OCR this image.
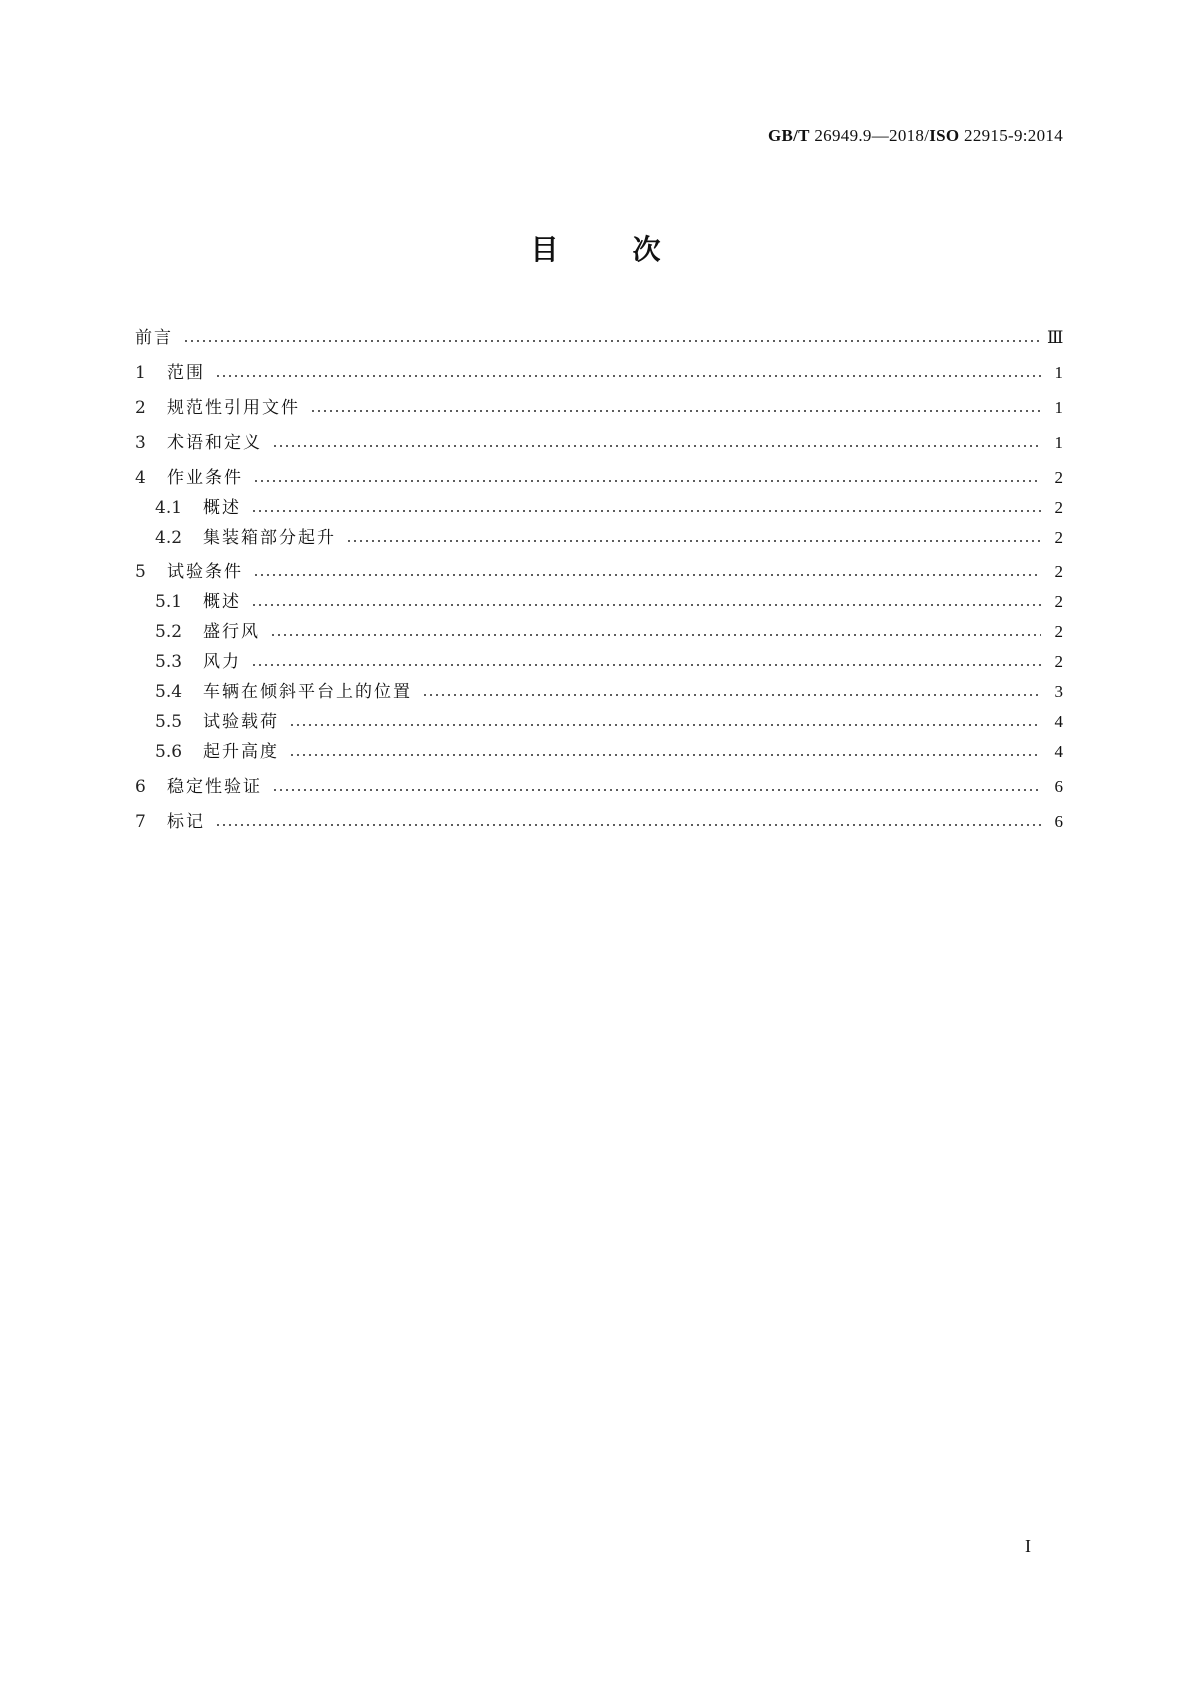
GB/T 26949.9—2018/ISO 22915-9:2014
目	次
前言	Ⅲ
1	范围	1
2	规范性引用文件	1
3	术语和定义	1
4	作业条件	2
4.1	概述	2
4.2	集装箱部分起升	2
5	试验条件	2
5.1	概述	2
5.2	盛行风	2
5.3	风力	2
5.4	车辆在倾斜平台上的位置	3
5.5	试验载荷	4
5.6	起升高度	4
6	稳定性验证	6
7	标记	6
I
